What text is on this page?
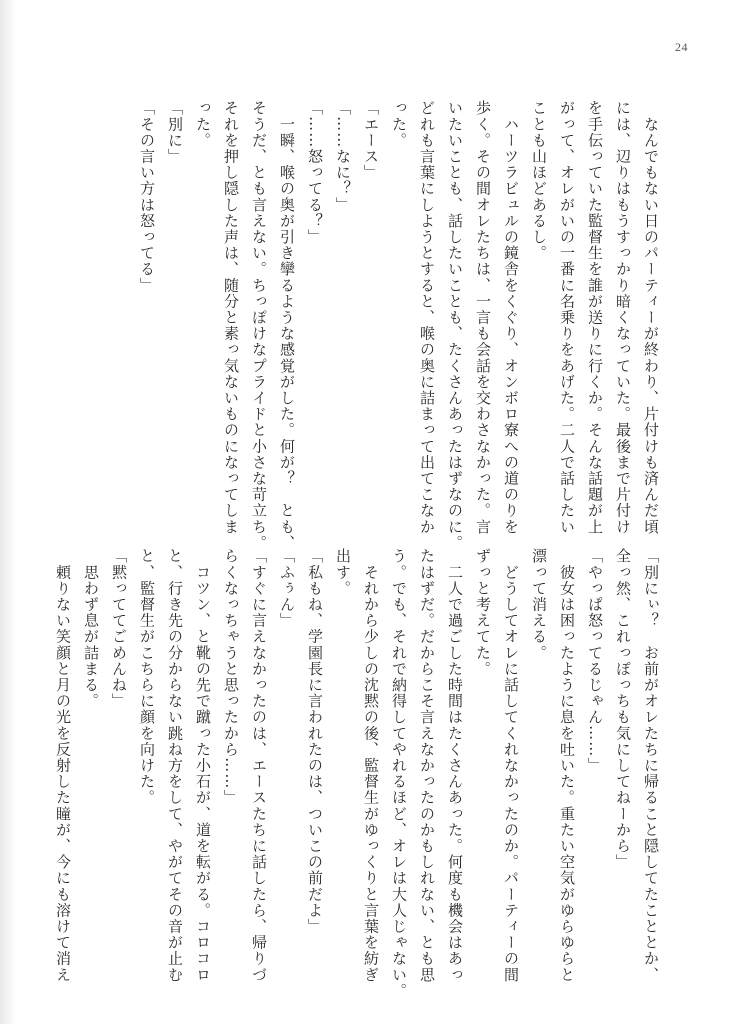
24
　なんでもない日のパーティーが終わり、片付けも済んだ頃
には、辺りはもうすっかり暗くなっていた。最後まで片付け
を手伝っていた監督生を誰が送りに行くか。そんな話題が上
がって、オレがいの一番に名乗りをあげた。二人で話したい
ことも山ほどあるし。
　ハーツラビュルの鏡舎をくぐり、オンボロ寮への道のりを
歩く。その間オレたちは、一言も会話を交わさなかった。言
いたいことも、話したいことも、たくさんあったはずなのに。
どれも言葉にしようとすると、喉の奥に詰まって出てこなか
った。
「エース」
「……なに？」
「……怒ってる？」
　一瞬、喉の奥が引き攣るような感覚がした。何が？　とも、
そうだ、とも言えない。ちっぽけなプライドと小さな苛立ち。
それを押し隠した声は、随分と素っ気ないものになってしま
った。
「別に」
「その言い方は怒ってる」
「別にぃ？　お前がオレたちに帰ること隠してたこととか、
全っ然、これっぽっちも気にしてねーから」
「やっぱ怒ってるじゃん……」
　彼女は困ったように息を吐いた。重たい空気がゆらゆらと
漂って消える。
　どうしてオレに話してくれなかったのか。パーティーの間
ずっと考えてた。
　二人で過ごした時間はたくさんあった。何度も機会はあっ
たはずだ。だからこそ言えなかったのかもしれない、とも思
う。でも、それで納得してやれるほど、オレは大人じゃない。
　それから少しの沈黙の後、監督生がゆっくりと言葉を紡ぎ
出す。
「私もね、学園長に言われたのは、ついこの前だよ」
「ふぅん」
「すぐに言えなかったのは、エースたちに話したら、帰りづ
らくなっちゃうと思ったから……」
　コツン、と靴の先で蹴った小石が、道を転がる。コロコロ
と、行き先の分からない跳ね方をして、やがてその音が止む
と、監督生がこちらに顔を向けた。
「黙っててごめんね」
　思わず息が詰まる。
　頼りない笑顔と月の光を反射した瞳が、今にも溶けて消え
